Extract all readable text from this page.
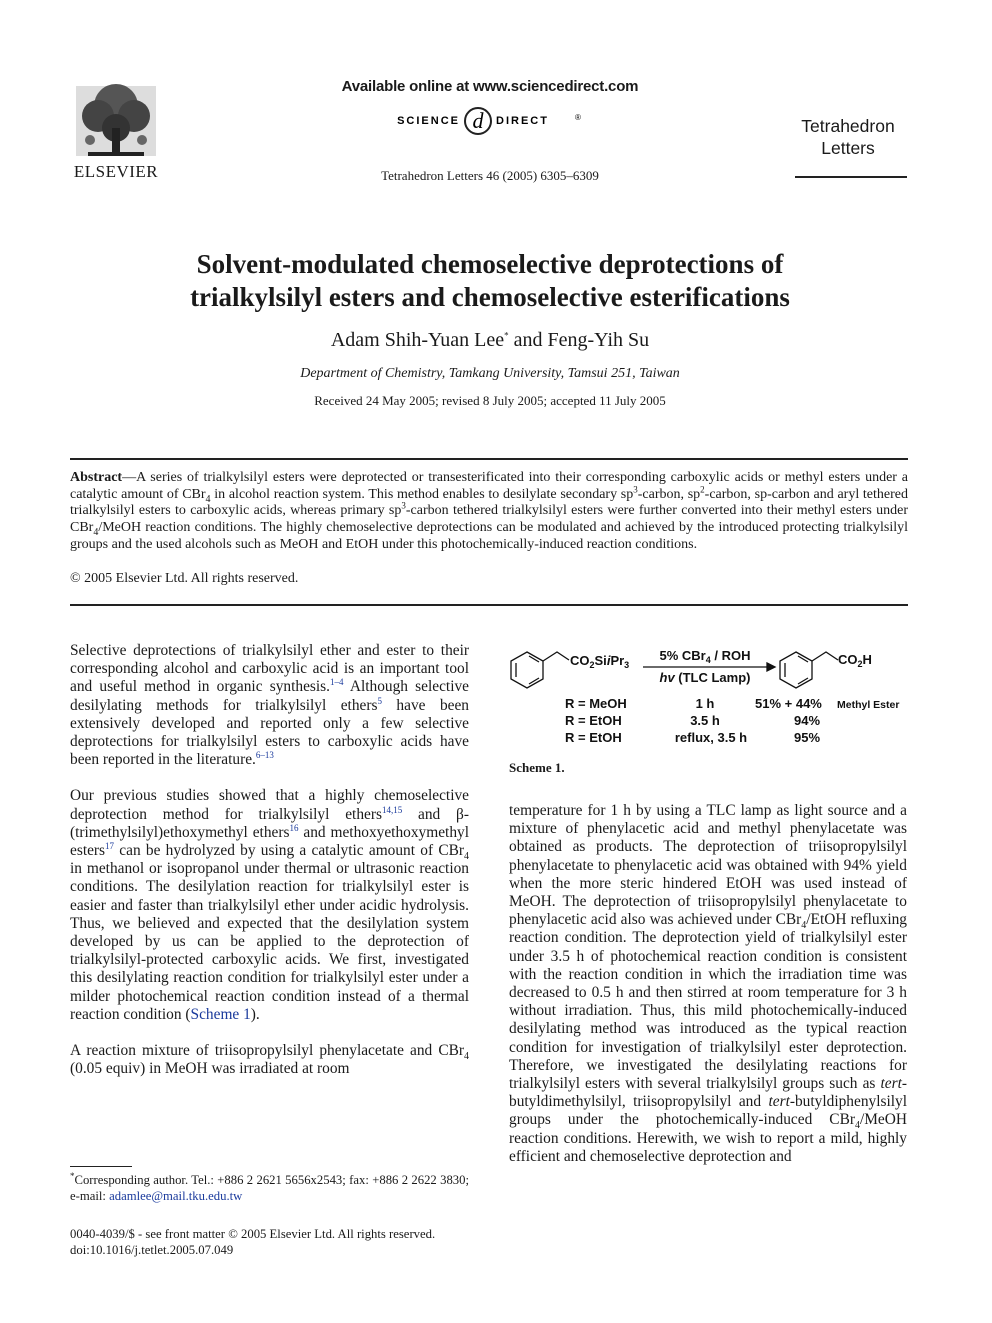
ELSEVIER
Available online at www.sciencedirect.com
SCIENCE d DIRECT	®
Tetrahedron Letters 46 (2005) 6305–6309
Tetrahedron
Letters
Solvent-modulated chemoselective deprotections of
trialkylsilyl esters and chemoselective esterifications
Adam Shih-Yuan Lee* and Feng-Yih Su
Department of Chemistry, Tamkang University, Tamsui 251, Taiwan
Received 24 May 2005; revised 8 July 2005; accepted 11 July 2005
Abstract—A series of trialkylsilyl esters were deprotected or transesterificated into their corresponding carboxylic acids or methyl esters under a catalytic amount of CBr$_4$ in alcohol reaction system. This method enables to desilylate secondary $sp^3$-carbon, $sp^2$-carbon, sp-carbon and aryl tethered trialkylsilyl esters to carboxylic acids, whereas primary $sp^3$-carbon tethered trialkylsilyl esters were further converted into their methyl esters under CBr$_4$/MeOH reaction conditions. The highly chemoselective deprotections can be modulated and achieved by the introduced protecting trialkylsilyl groups and the used alcohols such as MeOH and EtOH under this photochemically-induced reaction conditions.
© 2005 Elsevier Ltd. All rights reserved.

Selective deprotections of trialkylsilyl ether and ester to their corresponding alcohol and carboxylic acid is an important tool and useful method in organic synthesis.$^{1-4}$ Although selective desilylating methods for trialkylsilyl ethers$^5$ have been extensively developed and reported only a few selective deprotections for trialkylsilyl esters to carboxylic acids have been reported in the literature.$^{6-13}$

Our previous studies showed that a highly chemoselective deprotection method for trialkylsilyl ethers$^{14,15}$ and β-(trimethylsilyl)ethoxymethyl ethers$^{16}$ and methoxyethoxymethyl esters$^{17}$ can be hydrolyzed by using a catalytic amount of CBr$_4$ in methanol or isopropanol under thermal or ultrasonic reaction conditions. The desilylation reaction for trialkylsilyl ester is easier and faster than trialkylsilyl ether under acidic hydrolysis. Thus, we believed and expected that the desilylation system developed by us can be applied to the deprotection of trialkylsilyl-protected carboxylic acids. We first, investigated this desilylating reaction condition for trialkylsilyl ester under a milder photochemical reaction condition instead of a thermal reaction condition (Scheme 1).

A reaction mixture of triisopropylsilyl phenylacetate and CBr$_4$ (0.05 equiv) in MeOH was irradiated at room

$CO_2SiiPr_3$
5% CBr$_4$ / ROH
hv (TLC Lamp)
$CO_2H$
R = MeOH	1 h	51% + 44% Methyl Ester
R = EtOH	3.5 h	94%
R = EtOH	reflux, 3.5 h	95%
Scheme 1.

temperature for 1 h by using a TLC lamp as light source and a mixture of phenylacetic acid and methyl phenylacetate was obtained as products. The deprotection of triisopropylsilyl phenylacetate to phenylacetic acid was obtained with 94% yield when the more steric hindered EtOH was used instead of MeOH. The deprotection of triisopropylsilyl phenylacetate to phenylacetic acid also was achieved under CBr$_4$/EtOH refluxing reaction condition. The deprotection yield of trialkylsilyl ester under 3.5 h of photochemical reaction condition is consistent with the reaction condition in which the irradiation time was decreased to 0.5 h and then stirred at room temperature for 3 h without irradiation. Thus, this mild photochemically-induced desilylating method was introduced as the typical reaction condition for investigation of trialkylsilyl ester deprotection. Therefore, we investigated the desilylating reactions for trialkylsilyl esters with several trialkylsilyl groups such as tert-butyldimethylsilyl, triisopropylsilyl and tert-butyldiphenylsilyl groups under the photochemically-induced CBr$_4$/MeOH reaction conditions. Herewith, we wish to report a mild, highly efficient and chemoselective deprotection and

*Corresponding author. Tel.: +886 2 2621 5656x2543; fax: +886 2 2622 3830; e-mail: adamlee@mail.tku.edu.tw
0040-4039/$ - see front matter © 2005 Elsevier Ltd. All rights reserved.
doi:10.1016/j.tetlet.2005.07.049
